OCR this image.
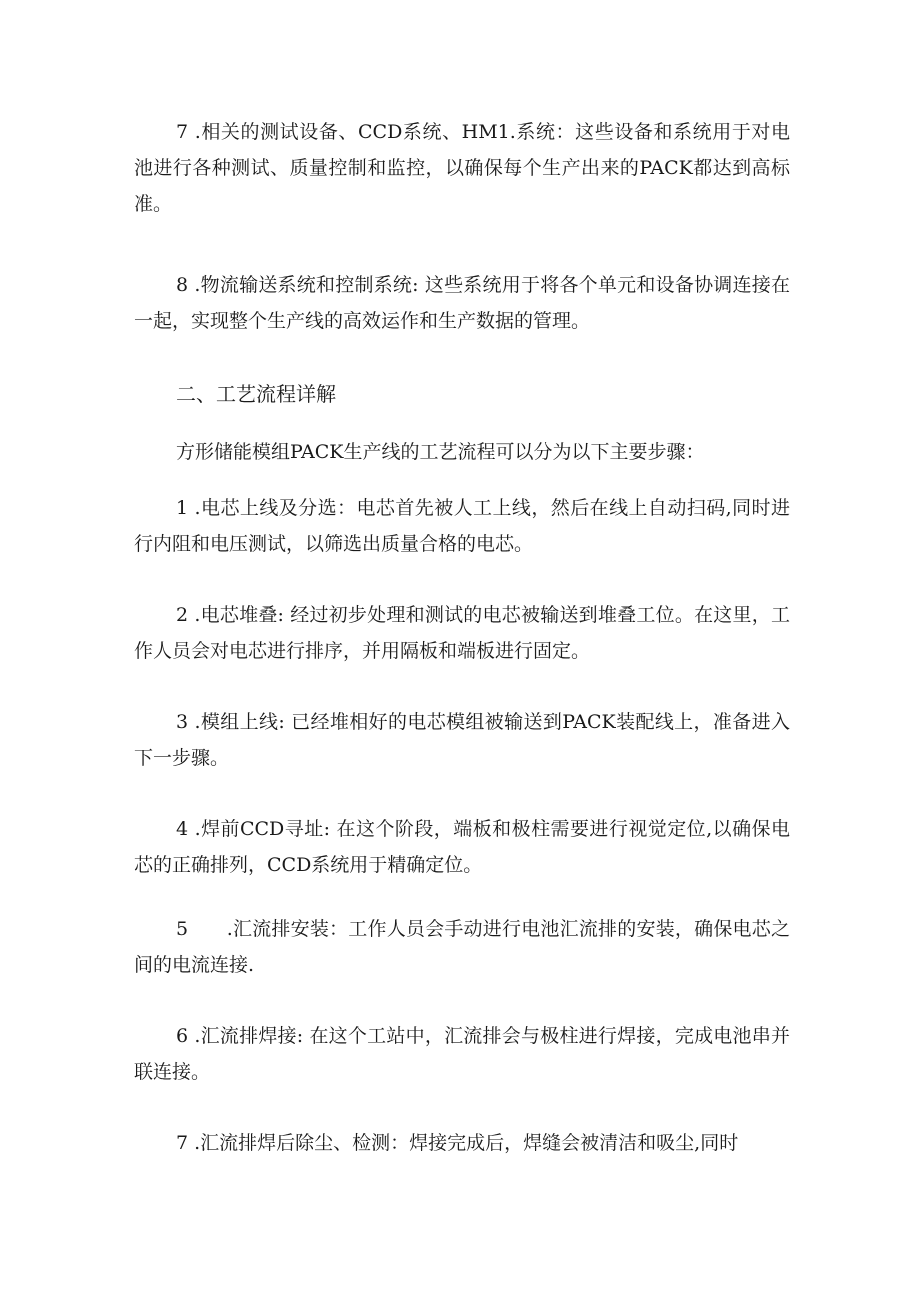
7 .相关的测试设备、CCD系统、HM1.系统：这些设备和系统用于对电池进行各种测试、质量控制和监控，以确保每个生产出来的PACK都达到高标准。

8 .物流输送系统和控制系统: 这些系统用于将各个单元和设备协调连接在一起，实现整个生产线的高效运作和生产数据的管理。

二、工艺流程详解

方形储能模组PACK生产线的工艺流程可以分为以下主要步骤：

1 .电芯上线及分选：电芯首先被人工上线，然后在线上自动扫码,同时进行内阻和电压测试，以筛选出质量合格的电芯。

2 .电芯堆叠: 经过初步处理和测试的电芯被输送到堆叠工位。在这里，工作人员会对电芯进行排序，并用隔板和端板进行固定。

3 .模组上线: 已经堆相好的电芯模组被输送到PACK装配线上，准备进入下一步骤。

4 .焊前CCD寻址: 在这个阶段，端板和极柱需要进行视觉定位,以确保电芯的正确排列，CCD系统用于精确定位。

5　　.汇流排安装：工作人员会手动进行电池汇流排的安装，确保电芯之间的电流连接.

6 .汇流排焊接: 在这个工站中，汇流排会与极柱进行焊接，完成电池串并联连接。

7 .汇流排焊后除尘、检测：焊接完成后，焊缝会被清洁和吸尘,同时
